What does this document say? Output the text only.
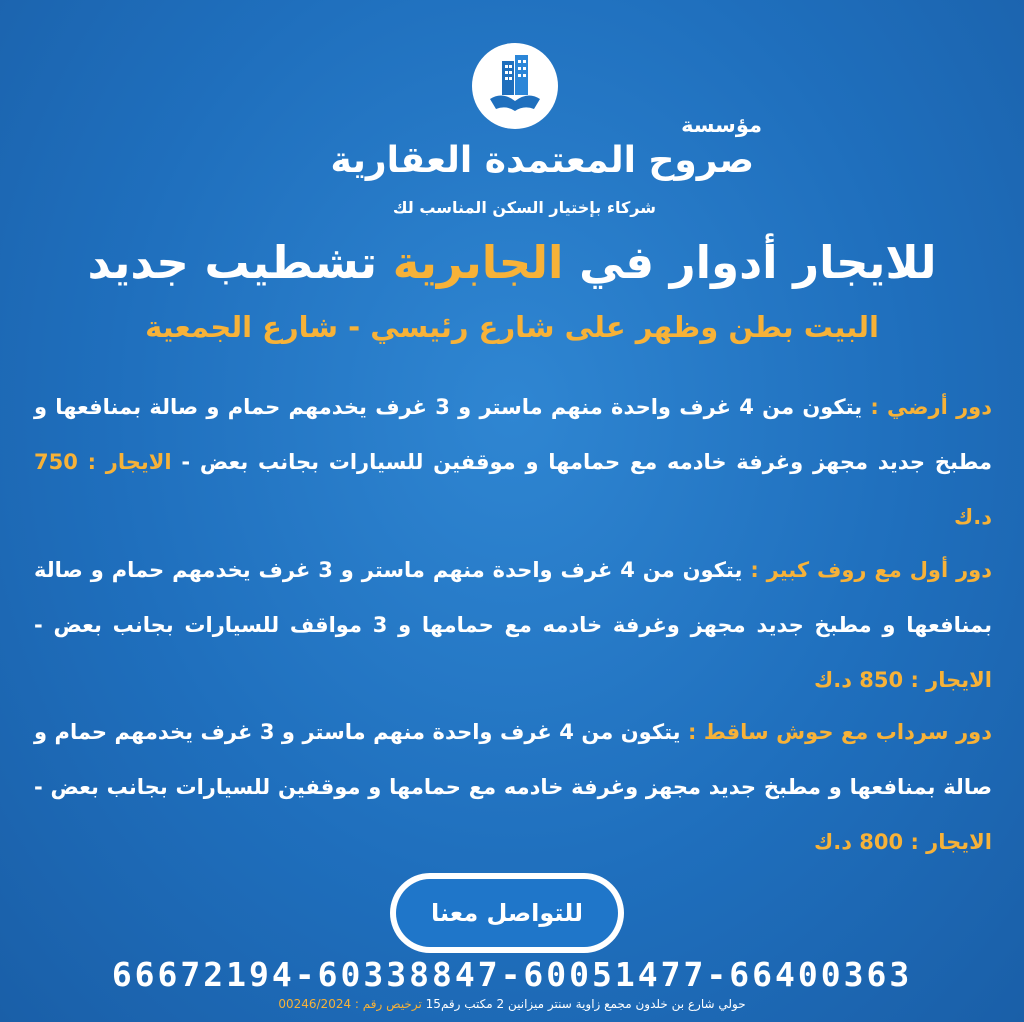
مؤسسة
صروح المعتمدة العقارية
شركاء بإختيار السكن المناسب لك
للايجار أدوار في الجابرية تشطيب جديد
البيت بطن وظهر على شارع رئيسي - شارع الجمعية
دور أرضي : يتكون من 4 غرف واحدة منهم ماستر و 3 غرف يخدمهم حمام و صالة بمنافعها و مطبخ جديد مجهز وغرفة خادمه مع حمامها و موقفين للسيارات بجانب بعض - الايجار : 750 د.ك
دور أول مع روف كبير : يتكون من 4 غرف واحدة منهم ماستر و 3 غرف يخدمهم حمام و صالة بمنافعها و مطبخ جديد مجهز وغرفة خادمه مع حمامها و 3 مواقف للسيارات بجانب بعض - الايجار : 850 د.ك
دور سرداب مع حوش ساقط : يتكون من 4 غرف واحدة منهم ماستر و 3 غرف يخدمهم حمام و صالة بمنافعها و مطبخ جديد مجهز وغرفة خادمه مع حمامها و موقفين للسيارات بجانب بعض - الايجار : 800 د.ك
للتواصل معنا
66672194-60338847-60051477-66400363
حولي شارع بن خلدون مجمع زاوية سنتر ميزانين 2 مكتب رقم15 ترخيص رقم : 00246/2024
